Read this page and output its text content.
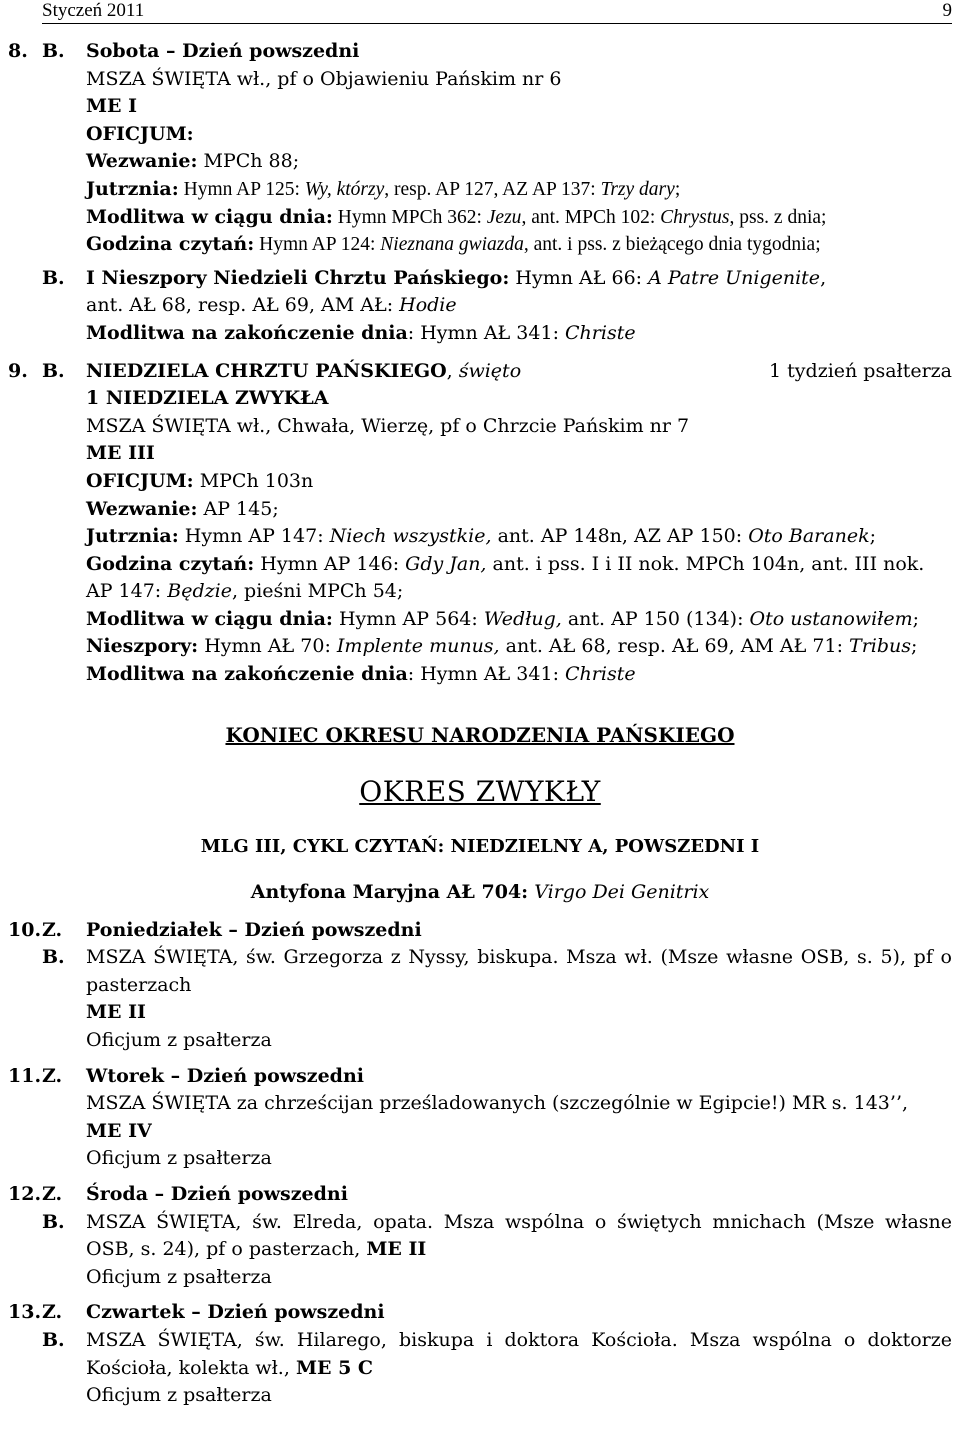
Styczeń 2011	9
8. B. Sobota – Dzień powszedni
MSZA ŚWIĘTA wł., pf o Objawieniu Pańskim nr 6
ME I
OFICJUM:
Wezwanie: MPCh 88;
Jutrznia: Hymn AP 125: Wy, którzy, resp. AP 127, AZ AP 137: Trzy dary;
Modlitwa w ciągu dnia: Hymn MPCh 362: Jezu, ant. MPCh 102: Chrystus, pss. z dnia;
Godzina czytań: Hymn AP 124: Nieznana gwiazda, ant. i pss. z bieżącego dnia tygodnia;
B. I Nieszpory Niedzieli Chrztu Pańskiego: Hymn AŁ 66: A Patre Unigenite,
ant. AŁ 68, resp. AŁ 69, AM AŁ: Hodie
Modlitwa na zakończenie dnia: Hymn AŁ 341: Christe
9. B. NIEDZIELA CHRZTU PAŃSKIEGO, święto	1 tydzień psałterza
1 NIEDZIELA ZWYKŁA
MSZA ŚWIĘTA wł., Chwała, Wierzę, pf o Chrzcie Pańskim nr 7
ME III
OFICJUM: MPCh 103n
Wezwanie: AP 145;
Jutrznia: Hymn AP 147: Niech wszystkie, ant. AP 148n, AZ AP 150: Oto Baranek;
Godzina czytań: Hymn AP 146: Gdy Jan, ant. i pss. I i II nok. MPCh 104n, ant. III nok.
AP 147: Będzie, pieśni MPCh 54;
Modlitwa w ciągu dnia: Hymn AP 564: Według, ant. AP 150 (134): Oto ustanowiłem;
Nieszpory: Hymn AŁ 70: Implente munus, ant. AŁ 68, resp. AŁ 69, AM AŁ 71: Tribus;
Modlitwa na zakończenie dnia: Hymn AŁ 341: Christe
KONIEC OKRESU NARODZENIA PAŃSKIEGO
OKRES ZWYKŁY
MLG III, CYKL CZYTAŃ: NIEDZIELNY A, POWSZEDNI I
Antyfona Maryjna AŁ 704: Virgo Dei Genitrix
10. Z. Poniedziałek – Dzień powszedni
B. MSZA ŚWIĘTA, św. Grzegorza z Nyssy, biskupa. Msza wł. (Msze własne OSB, s. 5), pf o pasterzach
ME II
Oficjum z psałterza
11. Z. Wtorek – Dzień powszedni
MSZA ŚWIĘTA za chrześcijan prześladowanych (szczególnie w Egipcie!) MR s. 143’’,
ME IV
Oficjum z psałterza
12. Z. Środa – Dzień powszedni
B. MSZA ŚWIĘTA, św. Elreda, opata. Msza wspólna o świętych mnichach (Msze własne OSB, s. 24), pf o pasterzach, ME II
Oficjum z psałterza
13. Z. Czwartek – Dzień powszedni
B. MSZA ŚWIĘTA, św. Hilarego, biskupa i doktora Kościoła. Msza wspólna o doktorze Kościoła, kolekta wł., ME 5 C
Oficjum z psałterza
